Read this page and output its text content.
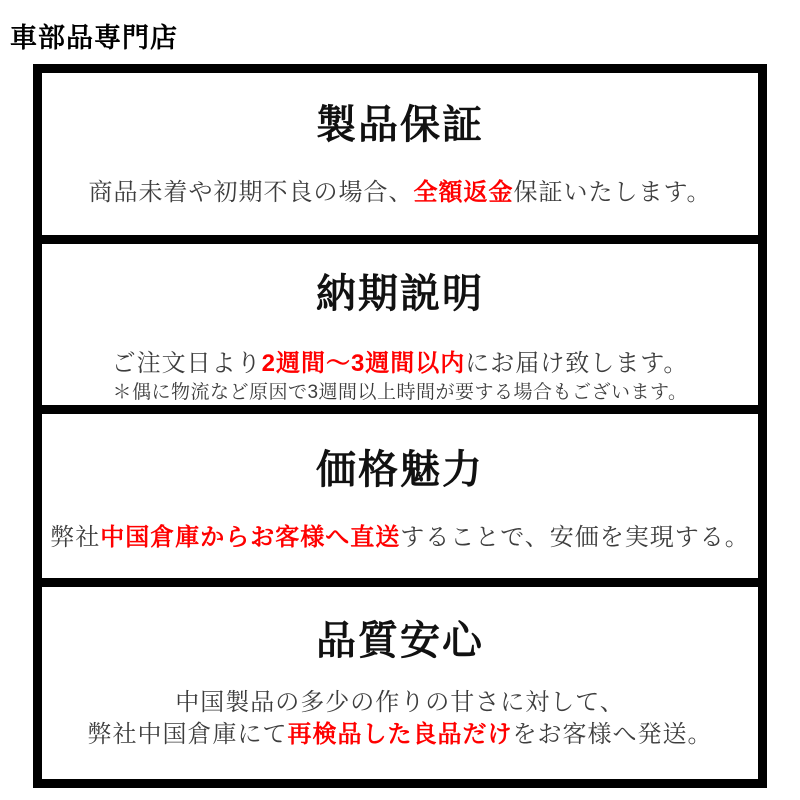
車部品専門店
製品保証

商品未着や初期不良の場合、全額返金保証いたします。

納期説明

ご注文日より2週間～3週間以内にお届け致します。

＊偶に物流など原因で3週間以上時間が要する場合もございます。

価格魅力

弊社中国倉庫からお客様へ直送することで、安価を実現する。

品質安心

中国製品の多少の作りの甘さに対して、
弊社中国倉庫にて再検品した良品だけをお客様へ発送。
